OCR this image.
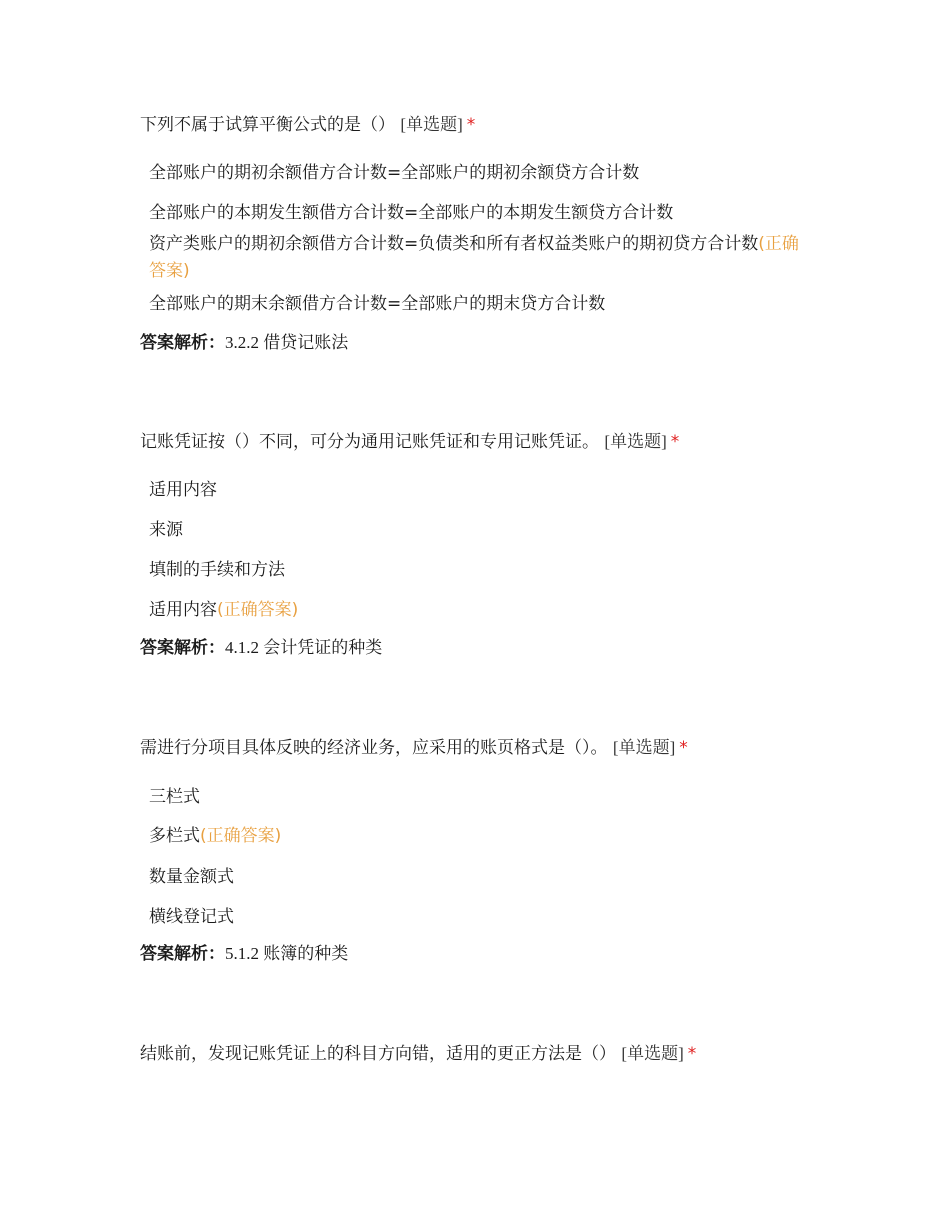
下列不属于试算平衡公式的是（） [单选题] *
全部账户的期初余额借方合计数=全部账户的期初余额贷方合计数
全部账户的本期发生额借方合计数=全部账户的本期发生额贷方合计数
资产类账户的期初余额借方合计数=负债类和所有者权益类账户的期初贷方合计数(正确答案)
全部账户的期末余额借方合计数=全部账户的期末贷方合计数
答案解析：3.2.2 借贷记账法
记账凭证按（）不同，可分为通用记账凭证和专用记账凭证。 [单选题] *
适用内容
来源
填制的手续和方法
适用内容(正确答案)
答案解析：4.1.2 会计凭证的种类
需进行分项目具体反映的经济业务，应采用的账页格式是（）。 [单选题] *
三栏式
多栏式(正确答案)
数量金额式
横线登记式
答案解析：5.1.2 账簿的种类
结账前，发现记账凭证上的科目方向错，适用的更正方法是（） [单选题] *
